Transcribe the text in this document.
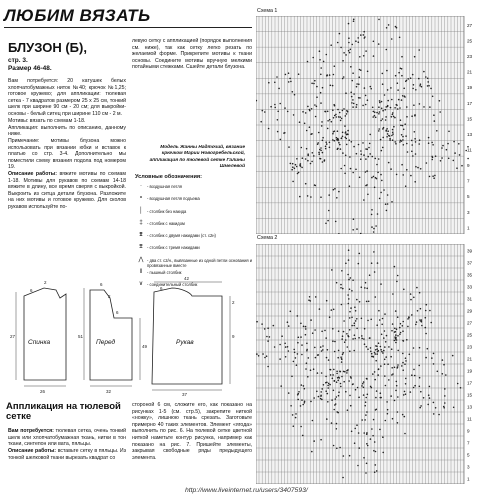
ЛЮБИМ ВЯЗАТЬ
БЛУЗОН (Б),
стр. 3.
Размер 46-48.

Вам потребуется: 20 катушек белых хлопчатобумажных ниток №40; крючок №1,25; готовое кружево; для аппликации: тюлевая сетка - 7 квадратов размером 25 х 25 см, тонкий шелк при ширине 90 см - 20 см; для выкройки-основы - белый ситец при ширине 110 см - 2 м.

Мотивы: вязать по схемам 1-18.

Аппликация: выполнить по описанию, данному ниже.

Примечание: мотивы блузона можно использовать при вязании юбки и вставок к платью со стр. 3-4. Дополнительно мы поместили схему вязания подола под номером 19.

Описание работы: вяжите мотивы по схемам 1-18. Мотивы для рукавов по схемам 14-18 вяжите в длину, все время сверяя с выкройкой. Выкроить из ситца детали блузона. Разложите на них мотивы и готовое кружево. Для сколов рукавов используйте по-

левую сетку с аппликацией (порядок выполнения см. ниже), так как сетку легко резать по желаемой форме. Прикрепите мотивы к ткани основы. Соедините мотивы вручную мелкими потайными стежками. Сшейте детали блузона.
Модель Жанны Надточий, вязание крючком Марии Новогребельской, аппликация по тюлевой сетке Галины Шмелевой
Условные обозначения:
·	- воздушная петля
∘	- воздушная петля подъема
│	- столбик без накида
‡	- столбик с накидом
⩩	- столбик с двумя накидами (ст. с2н)
⩨	- столбик с тремя накидами
⋀ - два ст. с2/н., вывязанные из одной петли основания и провязанные вместе
‖	- пышный столбик
∨ - соединительный столбик
2
6
26	32
27	51
6
6
2
49
42
6
37
2
9
Спинка	Перед	Рукав
Аппликация на тюлевой сетке

Вам потребуется: тюлевая сетка, очень тонкий шелк или хлопчатобумажная ткань, нитки в тон ткани, синтепон или вата, пяльцы.

Описание работы: вставьте сетку в пяльцы. Из тонкой шелковой ткани вырезать квадрат со

стороной 6 см, сложите его, как показано на рисунках 1-5 (см. стр.5), закрепите ниткой «ножку», лишнюю ткань срезать. Заготовьте примерно 40 таких элементов. Элемент «ягода» выполнить по рис. 6. На тюлевой сетке цветной ниткой наметьте контур рисунка, например как показано на рис. 7. Пришейте элементы, закрывая свободные ряды предыдущего элемента.
Схема 1
27
25
23
21
19
17
15
13
11
9
7
5
3
1
Схема 2
39
37
35
33
31
29
27
25
23
21
19
17
15
13
11
9
7
5
3
1
http://www.liveinternet.ru/users/3407593/
